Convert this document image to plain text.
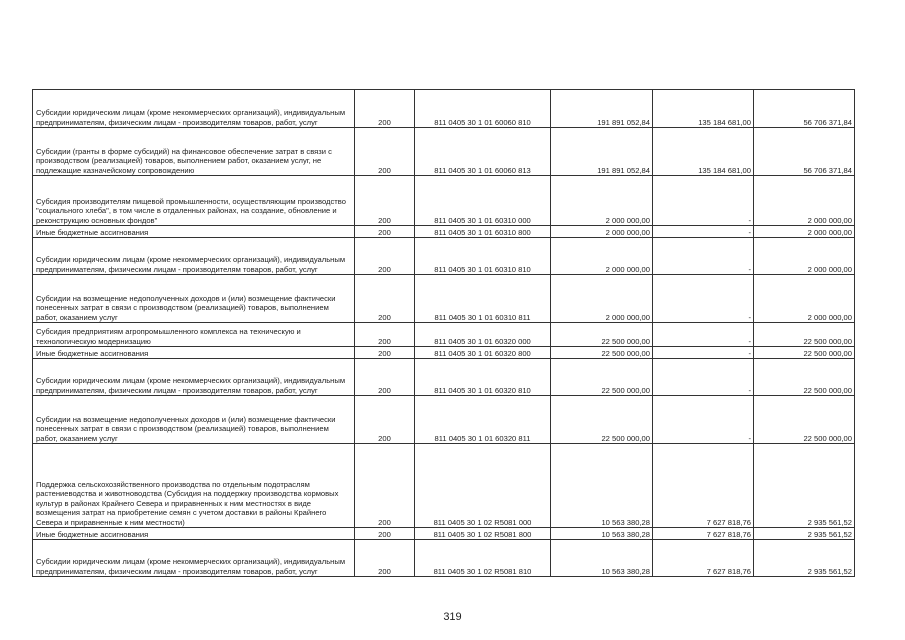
Субсидии юридическим лицам (кроме некоммерческих организаций), индивидуальным предпринимателям, физическим лицам - производителям товаров, работ, услуг	200	811 0405 30 1 01 60060 810	191 891 052,84	135 184 681,00	56 706 371,84
Субсидии (гранты в форме субсидий) на финансовое обеспечение затрат в связи с производством (реализацией) товаров, выполнением работ, оказанием услуг, не подлежащие казначейскому сопровождению	200	811 0405 30 1 01 60060 813	191 891 052,84	135 184 681,00	56 706 371,84
Субсидия производителям пищевой промышленности, осуществляющим производство "социального хлеба", в том числе в отдаленных районах, на создание, обновление и реконструкцию основных фондов"	200	811 0405 30 1 01 60310 000	2 000 000,00	-	2 000 000,00
Иные бюджетные ассигнования	200	811 0405 30 1 01 60310 800	2 000 000,00	-	2 000 000,00
Субсидии юридическим лицам (кроме некоммерческих организаций), индивидуальным предпринимателям, физическим лицам - производителям товаров, работ, услуг	200	811 0405 30 1 01 60310 810	2 000 000,00	-	2 000 000,00
Субсидии на возмещение недополученных доходов и (или) возмещение фактически понесенных затрат в связи с производством (реализацией) товаров, выполнением работ, оказанием услуг	200	811 0405 30 1 01 60310 811	2 000 000,00	-	2 000 000,00
Субсидия предприятиям агропромышленного комплекса на техническую и технологическую модернизацию	200	811 0405 30 1 01 60320 000	22 500 000,00	-	22 500 000,00
Иные бюджетные ассигнования	200	811 0405 30 1 01 60320 800	22 500 000,00	-	22 500 000,00
Субсидии юридическим лицам (кроме некоммерческих организаций), индивидуальным предпринимателям, физическим лицам - производителям товаров, работ, услуг	200	811 0405 30 1 01 60320 810	22 500 000,00	-	22 500 000,00
Субсидии на возмещение недополученных доходов и (или) возмещение фактически понесенных затрат в связи с производством (реализацией) товаров, выполнением работ, оказанием услуг	200	811 0405 30 1 01 60320 811	22 500 000,00	-	22 500 000,00
Поддержка сельскохозяйственного производства по отдельным подотраслям растениеводства и животноводства (Субсидия на поддержку производства кормовых культур в районах Крайнего Севера и приравненных к ним местностях в виде возмещения затрат на приобретение семян с учетом доставки в районы Крайнего Севера и приравненные к ним местности)	200	811 0405 30 1 02 R5081 000	10 563 380,28	7 627 818,76	2 935 561,52
Иные бюджетные ассигнования	200	811 0405 30 1 02 R5081 800	10 563 380,28	7 627 818,76	2 935 561,52
Субсидии юридическим лицам (кроме некоммерческих организаций), индивидуальным предпринимателям, физическим лицам - производителям товаров, работ, услуг	200	811 0405 30 1 02 R5081 810	10 563 380,28	7 627 818,76	2 935 561,52
319
